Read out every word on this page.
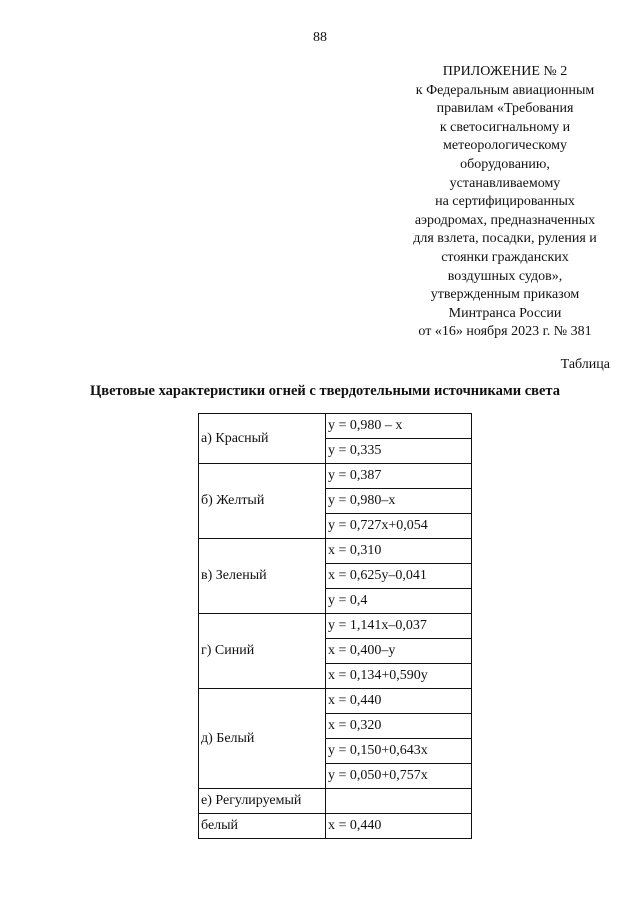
88
ПРИЛОЖЕНИЕ № 2
к Федеральным авиационным
правилам «Требования
к светосигнальному и
метеорологическому
оборудованию,
устанавливаемому
на сертифицированных
аэродромах, предназначенных
для взлета, посадки, руления и
стоянки гражданских
воздушных судов»,
утвержденным приказом
Минтранса России
от «16» ноября 2023 г. № 381
Таблица
Цветовые характеристики огней с твердотельными источниками света
а) Красный	y = 0,980 – x
	y = 0,335
б) Желтый	y = 0,387
	y = 0,980–x
	y = 0,727x+0,054
в) Зеленый	x = 0,310
	x = 0,625y–0,041
	y = 0,4
г) Синий	y = 1,141x–0,037
	x = 0,400–y
	x = 0,134+0,590y
д) Белый	x = 0,440
	x = 0,320
	y = 0,150+0,643x
	y = 0,050+0,757x
е) Регулируемый	
белый	x = 0,440
